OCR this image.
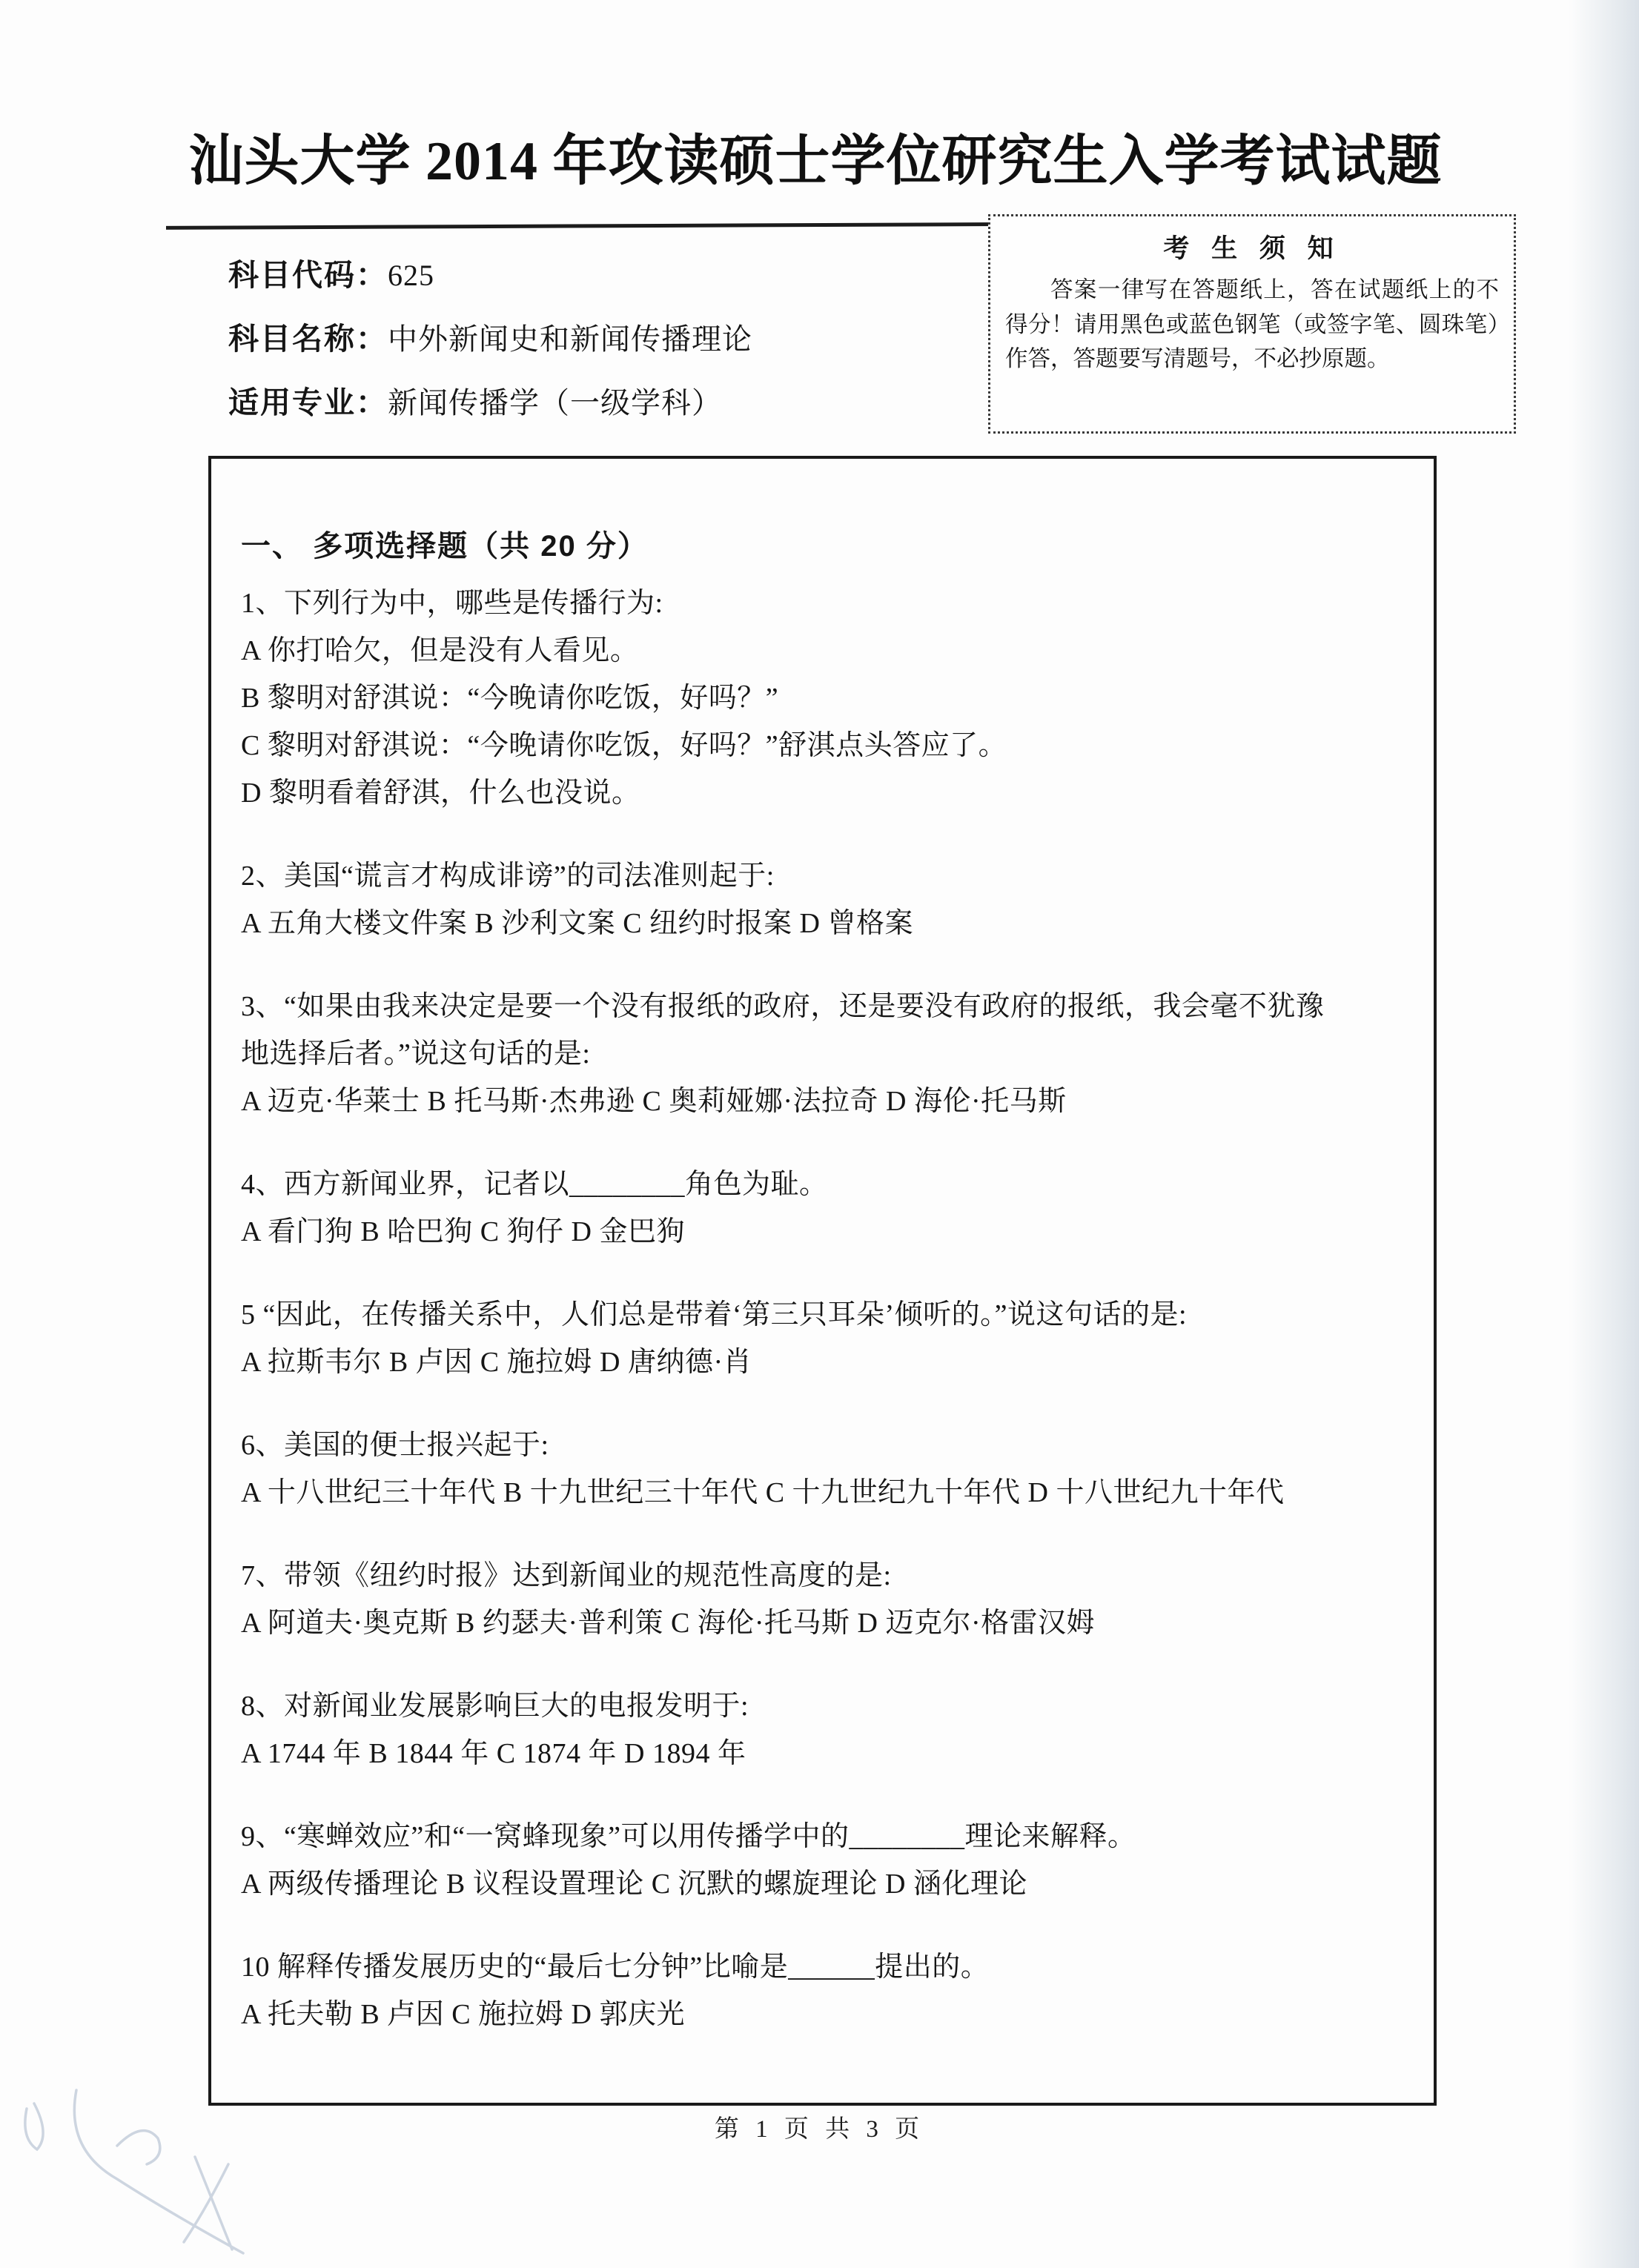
汕头大学 2014 年攻读硕士学位研究生入学考试试题
科目代码：625
科目名称：中外新闻史和新闻传播理论
适用专业：新闻传播学（一级学科）
考 生 须 知

答案一律写在答题纸上，答在试题纸上的不得分！请用黑色或蓝色钢笔（或签字笔、圆珠笔）作答，答题要写清题号，不必抄原题。

一、 多项选择题（共 20 分）

1、下列行为中，哪些是传播行为:

A 你打哈欠，但是没有人看见。

B 黎明对舒淇说：“今晚请你吃饭，好吗？”

C 黎明对舒淇说：“今晚请你吃饭，好吗？”舒淇点头答应了。

D 黎明看着舒淇，什么也没说。

2、美国“谎言才构成诽谤”的司法准则起于:

A 五角大楼文件案 B 沙利文案 C 纽约时报案 D 曾格案

3、“如果由我来决定是要一个没有报纸的政府，还是要没有政府的报纸，我会毫不犹豫

地选择后者。”说这句话的是:

A 迈克·华莱士 B 托马斯·杰弗逊 C 奥莉娅娜·法拉奇 D 海伦·托马斯

4、西方新闻业界，记者以________角色为耻。

A 看门狗 B 哈巴狗 C 狗仔 D 金巴狗

5 “因此，在传播关系中，人们总是带着‘第三只耳朵’倾听的。”说这句话的是:

A 拉斯韦尔 B 卢因 C 施拉姆 D 唐纳德·肖

6、美国的便士报兴起于:

A 十八世纪三十年代 B 十九世纪三十年代 C 十九世纪九十年代 D 十八世纪九十年代

7、带领《纽约时报》达到新闻业的规范性高度的是:

A 阿道夫·奥克斯 B 约瑟夫·普利策 C 海伦·托马斯 D 迈克尔·格雷汉姆

8、对新闻业发展影响巨大的电报发明于:

A 1744 年 B 1844 年 C 1874 年 D 1894 年

9、“寒蝉效应”和“一窝蜂现象”可以用传播学中的________理论来解释。

A 两级传播理论 B 议程设置理论 C 沉默的螺旋理论 D 涵化理论

10 解释传播发展历史的“最后七分钟”比喻是______提出的。

A 托夫勒 B 卢因 C 施拉姆 D 郭庆光

第 1 页 共 3 页
